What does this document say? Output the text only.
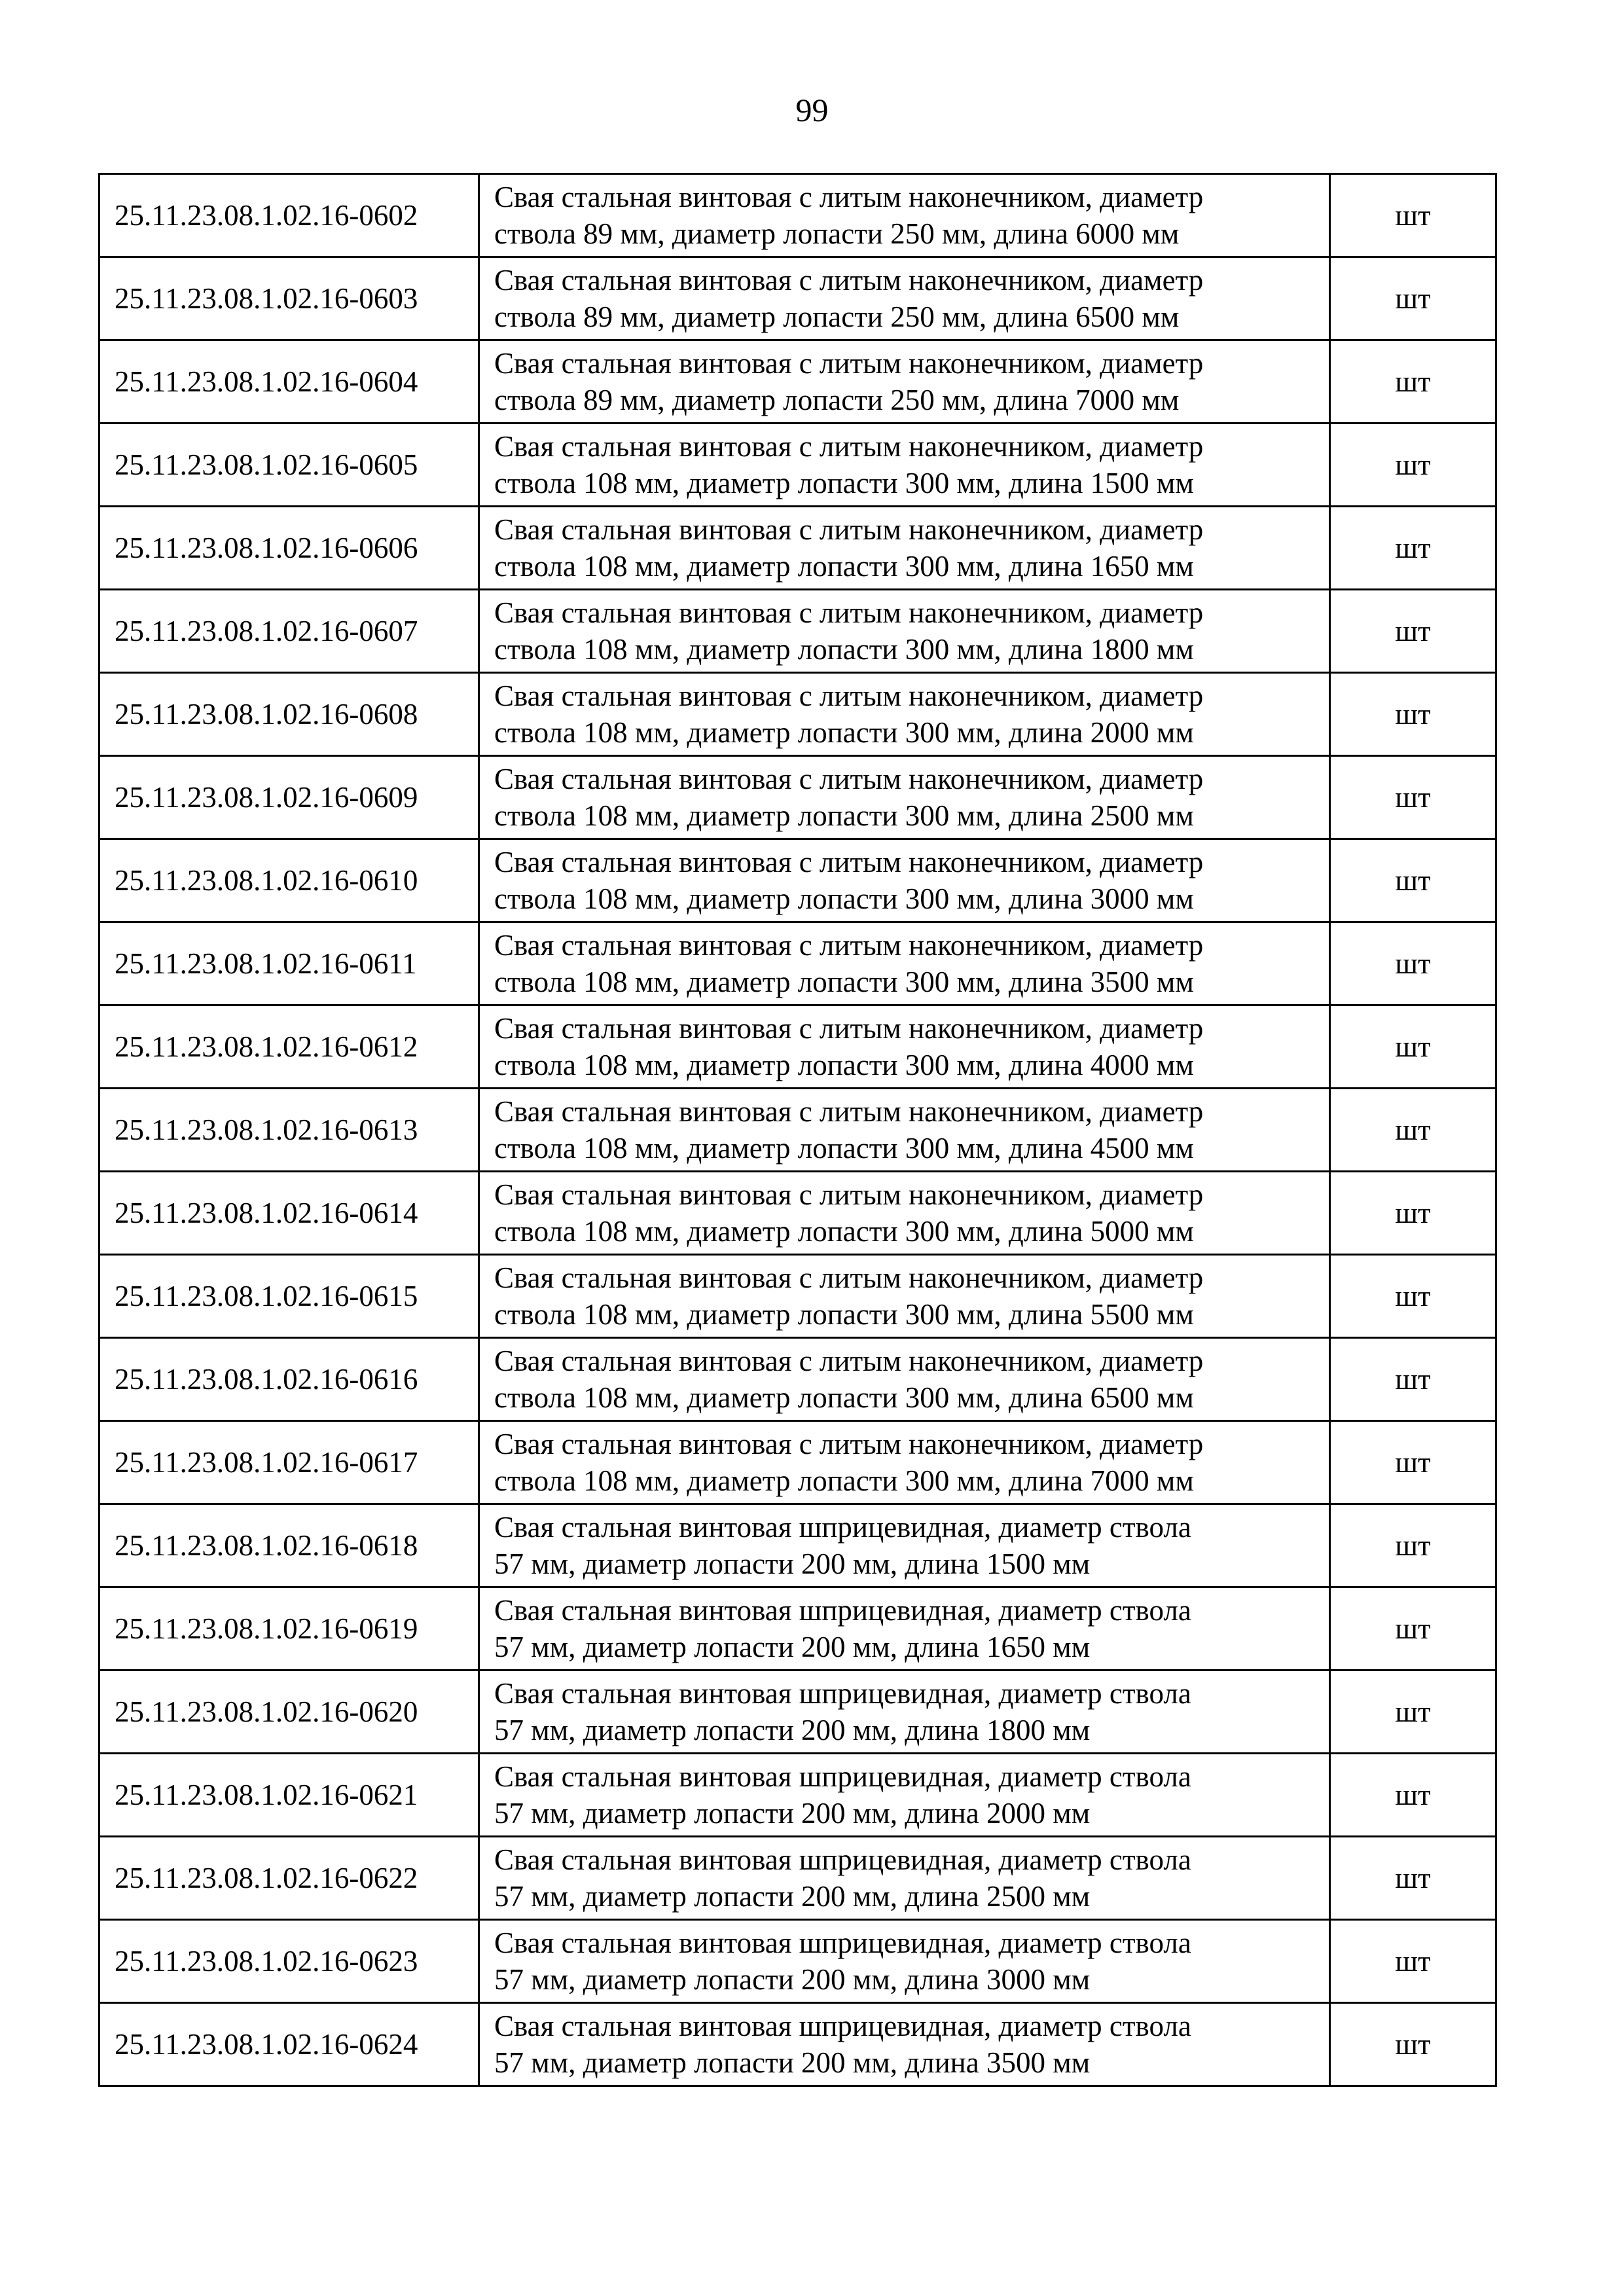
99
25.11.23.08.1.02.16-0602	Свая стальная винтовая с литым наконечником, диаметр
ствола 89 мм, диаметр лопасти 250 мм, длина 6000 мм	шт
25.11.23.08.1.02.16-0603	Свая стальная винтовая с литым наконечником, диаметр
ствола 89 мм, диаметр лопасти 250 мм, длина 6500 мм	шт
25.11.23.08.1.02.16-0604	Свая стальная винтовая с литым наконечником, диаметр
ствола 89 мм, диаметр лопасти 250 мм, длина 7000 мм	шт
25.11.23.08.1.02.16-0605	Свая стальная винтовая с литым наконечником, диаметр
ствола 108 мм, диаметр лопасти 300 мм, длина 1500 мм	шт
25.11.23.08.1.02.16-0606	Свая стальная винтовая с литым наконечником, диаметр
ствола 108 мм, диаметр лопасти 300 мм, длина 1650 мм	шт
25.11.23.08.1.02.16-0607	Свая стальная винтовая с литым наконечником, диаметр
ствола 108 мм, диаметр лопасти 300 мм, длина 1800 мм	шт
25.11.23.08.1.02.16-0608	Свая стальная винтовая с литым наконечником, диаметр
ствола 108 мм, диаметр лопасти 300 мм, длина 2000 мм	шт
25.11.23.08.1.02.16-0609	Свая стальная винтовая с литым наконечником, диаметр
ствола 108 мм, диаметр лопасти 300 мм, длина 2500 мм	шт
25.11.23.08.1.02.16-0610	Свая стальная винтовая с литым наконечником, диаметр
ствола 108 мм, диаметр лопасти 300 мм, длина 3000 мм	шт
25.11.23.08.1.02.16-0611	Свая стальная винтовая с литым наконечником, диаметр
ствола 108 мм, диаметр лопасти 300 мм, длина 3500 мм	шт
25.11.23.08.1.02.16-0612	Свая стальная винтовая с литым наконечником, диаметр
ствола 108 мм, диаметр лопасти 300 мм, длина 4000 мм	шт
25.11.23.08.1.02.16-0613	Свая стальная винтовая с литым наконечником, диаметр
ствола 108 мм, диаметр лопасти 300 мм, длина 4500 мм	шт
25.11.23.08.1.02.16-0614	Свая стальная винтовая с литым наконечником, диаметр
ствола 108 мм, диаметр лопасти 300 мм, длина 5000 мм	шт
25.11.23.08.1.02.16-0615	Свая стальная винтовая с литым наконечником, диаметр
ствола 108 мм, диаметр лопасти 300 мм, длина 5500 мм	шт
25.11.23.08.1.02.16-0616	Свая стальная винтовая с литым наконечником, диаметр
ствола 108 мм, диаметр лопасти 300 мм, длина 6500 мм	шт
25.11.23.08.1.02.16-0617	Свая стальная винтовая с литым наконечником, диаметр
ствола 108 мм, диаметр лопасти 300 мм, длина 7000 мм	шт
25.11.23.08.1.02.16-0618	Свая стальная винтовая шприцевидная, диаметр ствола
57 мм, диаметр лопасти 200 мм, длина 1500 мм	шт
25.11.23.08.1.02.16-0619	Свая стальная винтовая шприцевидная, диаметр ствола
57 мм, диаметр лопасти 200 мм, длина 1650 мм	шт
25.11.23.08.1.02.16-0620	Свая стальная винтовая шприцевидная, диаметр ствола
57 мм, диаметр лопасти 200 мм, длина 1800 мм	шт
25.11.23.08.1.02.16-0621	Свая стальная винтовая шприцевидная, диаметр ствола
57 мм, диаметр лопасти 200 мм, длина 2000 мм	шт
25.11.23.08.1.02.16-0622	Свая стальная винтовая шприцевидная, диаметр ствола
57 мм, диаметр лопасти 200 мм, длина 2500 мм	шт
25.11.23.08.1.02.16-0623	Свая стальная винтовая шприцевидная, диаметр ствола
57 мм, диаметр лопасти 200 мм, длина 3000 мм	шт
25.11.23.08.1.02.16-0624	Свая стальная винтовая шприцевидная, диаметр ствола
57 мм, диаметр лопасти 200 мм, длина 3500 мм	шт
